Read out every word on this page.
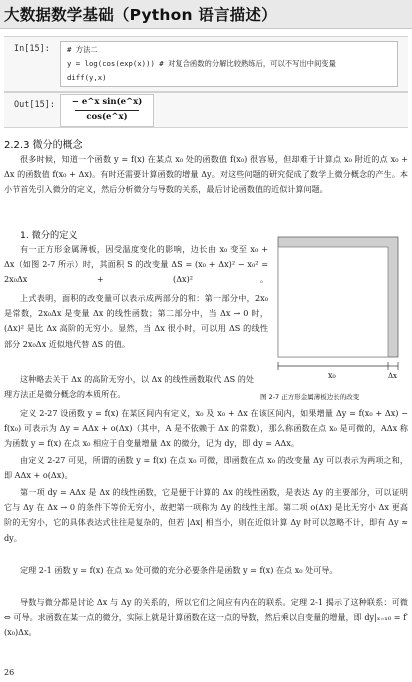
大数据数学基础（Python 语言描述）
In[15]: # 方法二
y = log(cos(exp(x))) # 对复合函数的分解比较熟练后，可以不写出中间变量
diff(y,x)
Out[15]:	− e^x sin(e^x)
cos(e^x)
2.2.3 微分的概念
很多时候，知道一个函数 y = f(x) 在某点 x₀ 处的函数值 f(x₀) 很容易，但却难于计算点 x₀ 附近的点 x₀ + Δx 的函数值 f(x₀ + Δx)。有时还需要计算函数的增量 Δy。对这些问题的研究促成了数学上微分概念的产生。本小节首先引入微分的定义，然后分析微分与导数的关系，最后讨论函数值的近似计算问题。
1. 微分的定义
有一正方形金属薄板，因受温度变化的影响，边长由 x₀ 变至 x₀ + Δx（如图 2-7 所示）时，其面积 S 的改变量 ΔS = (x₀ + Δx)² − x₀² = 2x₀Δx + (Δx)²。
上式表明，面积的改变量可以表示成两部分的和：第一部分中，2x₀ 是常数，2x₀Δx 是变量 Δx 的线性函数；第二部分中，当 Δx → 0 时，(Δx)² 是比 Δx 高阶的无穷小。显然，当 Δx 很小时，可以用 ΔS 的线性部分 2x₀Δx 近似地代替 ΔS 的值。
x₀	Δx
图 2-7 正方形金属薄板边长的改变
这种略去关于 Δx 的高阶无穷小，以 Δx 的线性函数取代 ΔS 的处理方法正是微分概念的本质所在。
定义 2-27 设函数 y = f(x) 在某区间内有定义，x₀ 及 x₀ + Δx 在该区间内，如果增量 Δy = f(x₀ + Δx) − f(x₀) 可表示为 Δy = AΔx + o(Δx)（其中，A 是不依赖于 Δx 的常数），那么称函数在点 x₀ 是可微的，AΔx 称为函数 y = f(x) 在点 x₀ 相应于自变量增量 Δx 的微分，记为 dy，即 dy = AΔx。
由定义 2-27 可见，所谓的函数 y = f(x) 在点 x₀ 可微，即函数在点 x₀ 的改变量 Δy 可以表示为两项之和，即 AΔx + o(Δx)。
第一项 dy = AΔx 是 Δx 的线性函数，它是便于计算的 Δx 的线性函数，是表达 Δy 的主要部分，可以证明它与 Δy 在 Δx → 0 的条件下等价无穷小，故把第一项称为 Δy 的线性主部。第二项 o(Δx) 是比无穷小 Δx 更高阶的无穷小，它的具体表达式往往是复杂的，但若 |Δx| 相当小，则在近似计算 Δy 时可以忽略不计，即有 Δy ≈ dy。
定理 2-1 函数 y = f(x) 在点 x₀ 处可微的充分必要条件是函数 y = f(x) 在点 x₀ 处可导。
导数与微分都是讨论 Δx 与 Δy 的关系的，所以它们之间应有内在的联系。定理 2-1 揭示了这种联系：可微 ⇔ 可导。求函数在某一点的微分，实际上就是计算函数在这一点的导数，然后乘以自变量的增量，即 dy|ₓ₌ₓ₀ = f′(x₀)Δx。
26
